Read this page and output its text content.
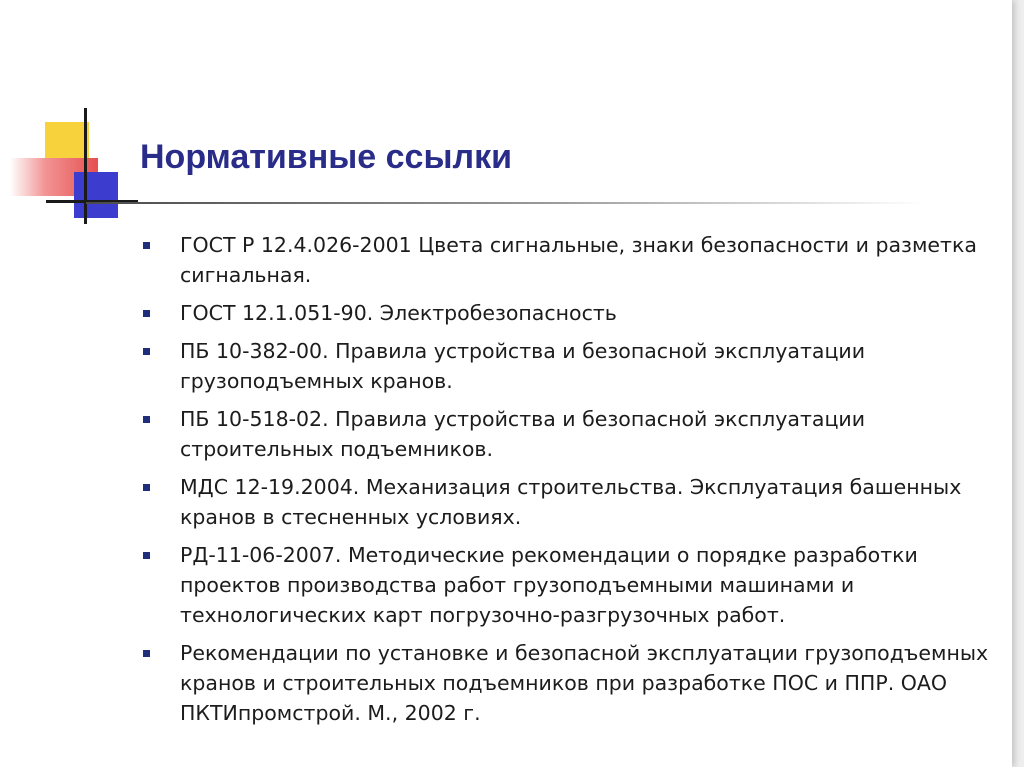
Нормативные ссылки
ГОСТ Р 12.4.026-2001 Цвета сигнальные, знаки безопасности и разметка сигнальная.
ГОСТ 12.1.051-90. Электробезопасность
ПБ 10-382-00. Правила устройства и безопасной эксплуатации грузоподъемных кранов.
ПБ 10-518-02. Правила устройства и безопасной эксплуатации строительных подъемников.
МДС 12-19.2004. Механизация строительства. Эксплуатация башенных кранов в стесненных условиях.
РД-11-06-2007. Методические рекомендации о порядке разработки проектов производства работ грузоподъемными машинами и технологических карт погрузочно-разгрузочных работ.
Рекомендации по установке и безопасной эксплуатации грузоподъемных кранов и строительных подъемников при разработке ПОС и ППР. ОАО ПКТИпромстрой. М., 2002 г.
